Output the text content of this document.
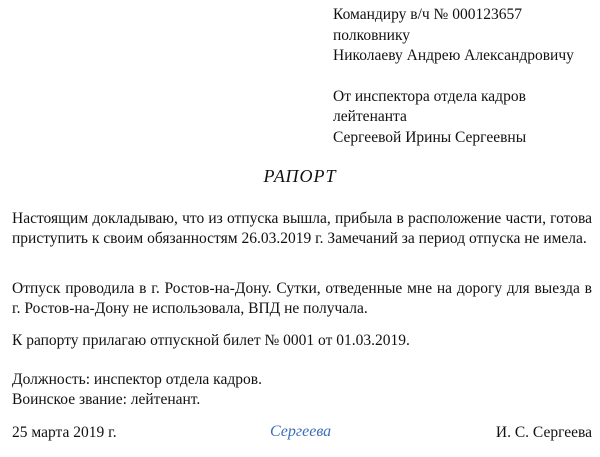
Командиру в/ч № 000123657
полковнику
Николаеву Андрею Александровичу
От инспектора отдела кадров
лейтенанта
Сергеевой Ирины Сергеевны
РАПОРТ
Настоящим докладываю, что из отпуска вышла, прибыла в расположение части, готова приступить к своим обязанностям 26.03.2019 г. Замечаний за период отпуска не имела.
Отпуск проводила в г. Ростов-на-Дону. Сутки, отведенные мне на дорогу для выезда в г. Ростов-на-Дону не использовала, ВПД не получала.
К рапорту прилагаю отпускной билет № 0001 от 01.03.2019.
Должность: инспектор отдела кадров.
Воинское звание: лейтенант.
25 марта 2019 г.	Сергеева	И. С. Сергеева
